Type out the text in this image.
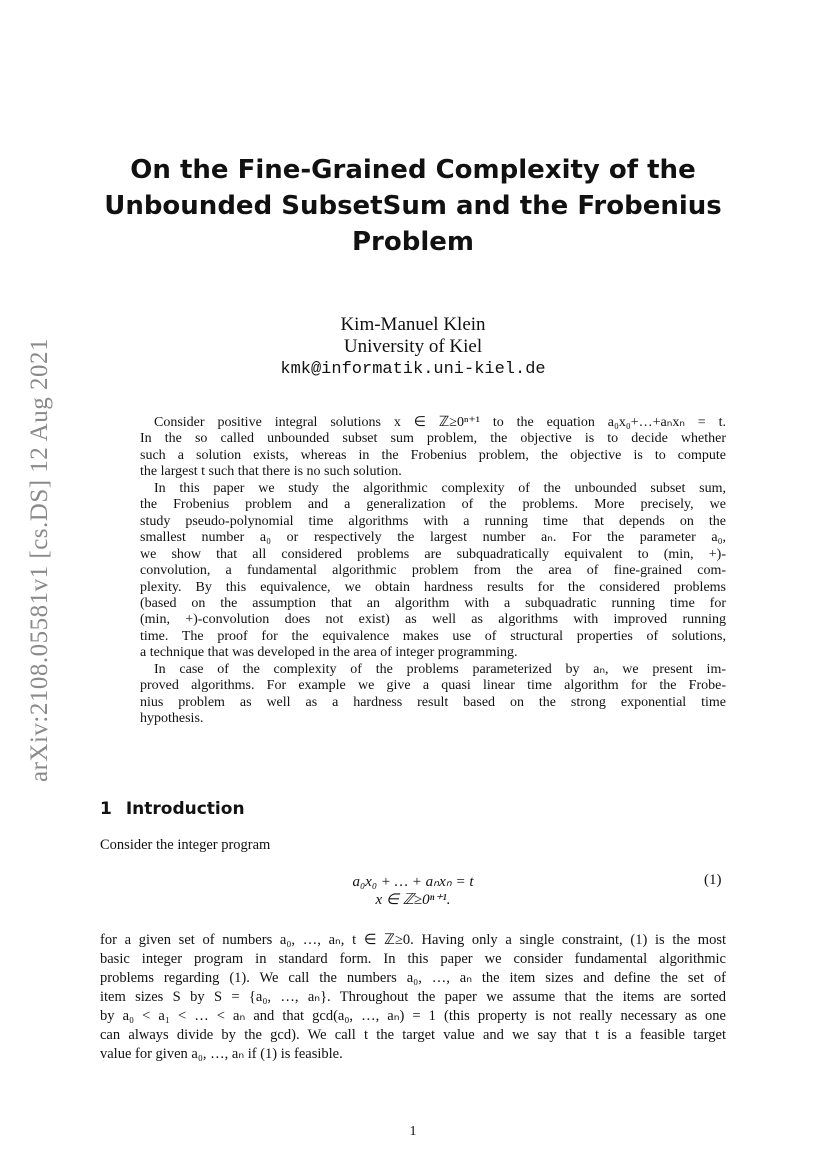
arXiv:2108.05581v1 [cs.DS] 12 Aug 2021
On the Fine-Grained Complexity of the
Unbounded SubsetSum and the Frobenius
Problem
Kim-Manuel Klein
University of Kiel
kmk@informatik.uni-kiel.de
Consider positive integral solutions x ∈ ℤ≥0ⁿ⁺¹ to the equation a₀x₀+…+aₙxₙ = t.
In the so called unbounded subset sum problem, the objective is to decide whether
such a solution exists, whereas in the Frobenius problem, the objective is to compute
the largest t such that there is no such solution.
In this paper we study the algorithmic complexity of the unbounded subset sum,
the Frobenius problem and a generalization of the problems. More precisely, we
study pseudo-polynomial time algorithms with a running time that depends on the
smallest number a₀ or respectively the largest number aₙ. For the parameter a₀,
we show that all considered problems are subquadratically equivalent to (min, +)-
convolution, a fundamental algorithmic problem from the area of fine-grained com-
plexity. By this equivalence, we obtain hardness results for the considered problems
(based on the assumption that an algorithm with a subquadratic running time for
(min, +)-convolution does not exist) as well as algorithms with improved running
time. The proof for the equivalence makes use of structural properties of solutions,
a technique that was developed in the area of integer programming.
In case of the complexity of the problems parameterized by aₙ, we present im-
proved algorithms. For example we give a quasi linear time algorithm for the Frobe-
nius problem as well as a hardness result based on the strong exponential time
hypothesis.
1 Introduction
Consider the integer program
a₀x₀ + … + aₙxₙ = t
x ∈ ℤ≥0ⁿ⁺¹.
(1)
for a given set of numbers a₀, …, aₙ, t ∈ ℤ≥0. Having only a single constraint, (1) is the most
basic integer program in standard form. In this paper we consider fundamental algorithmic
problems regarding (1). We call the numbers a₀, …, aₙ the item sizes and define the set of
item sizes S by S = {a₀, …, aₙ}. Throughout the paper we assume that the items are sorted
by a₀ < a₁ < … < aₙ and that gcd(a₀, …, aₙ) = 1 (this property is not really necessary as one
can always divide by the gcd). We call t the target value and we say that t is a feasible target
value for given a₀, …, aₙ if (1) is feasible.
1
